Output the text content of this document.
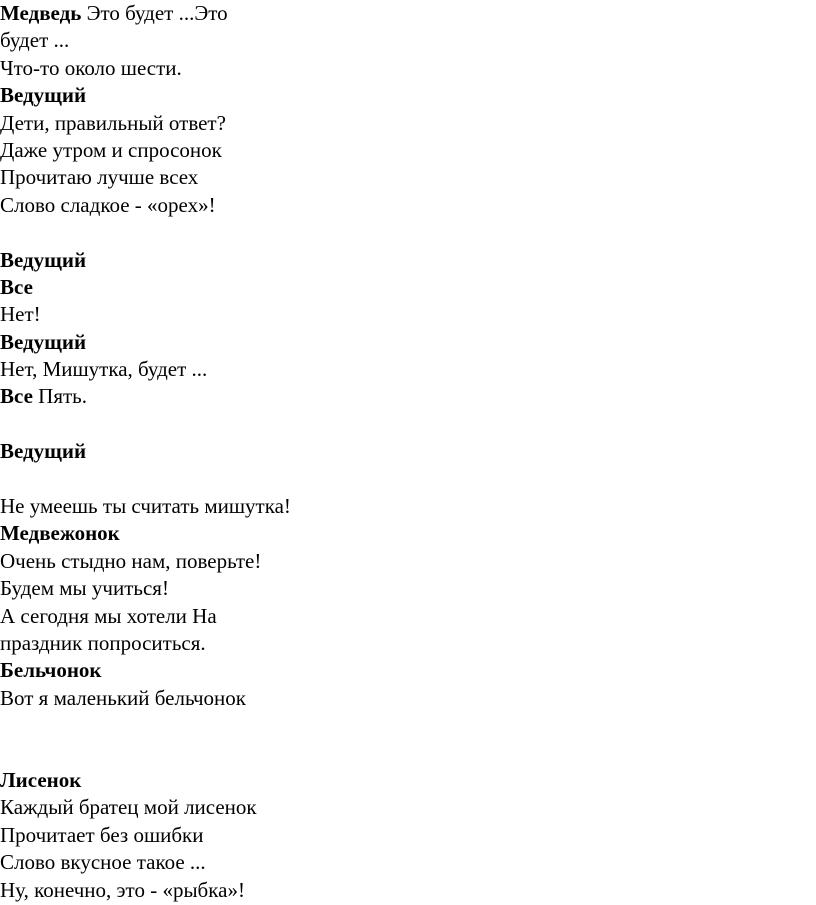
Медведь Это будет ...Это

будет ...

Что-то около шести.

Ведущий

Дети, правильный ответ?

Даже утром и спросонок

Прочитаю лучше всех

Слово сладкое - «орех»!

Ведущий

Все

Нет!

Ведущий

Нет, Мишутка, будет ...

Все Пять.

Ведущий

Не умеешь ты считать мишутка!

Медвежонок

Очень стыдно нам, поверьте!

Будем мы учиться!

А сегодня мы хотели На

праздник попроситься.

Бельчонок

Вот я маленький бельчонок

Лисенок

Каждый братец мой лисенок

Прочитает без ошибки

Слово вкусное такое ...

Ну, конечно, это - «рыбка»!
